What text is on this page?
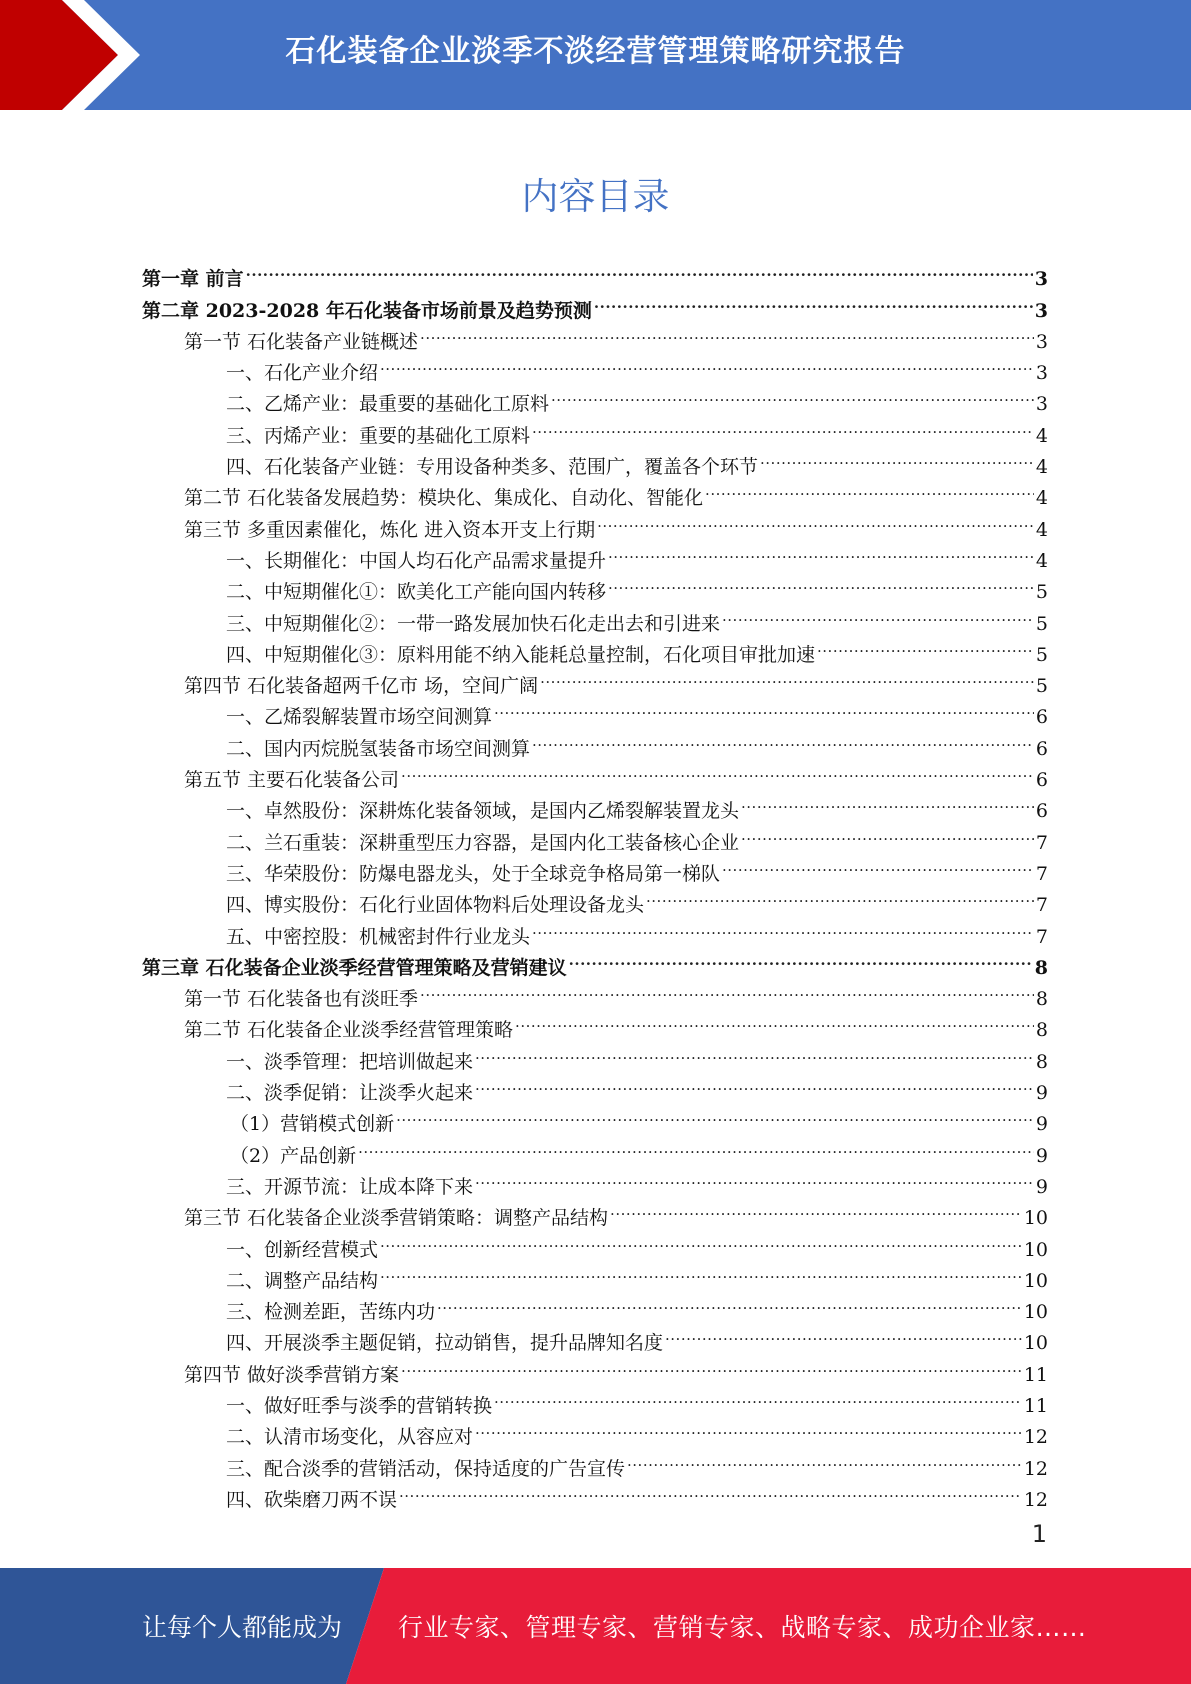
石化装备企业淡季不淡经营管理策略研究报告
内容目录
第一章 前言 .....	3
第二章 2023-2028 年石化装备市场前景及趋势预测 .....	3
第一节 石化装备产业链概述 .....	3
一、石化产业介绍 .....	3
二、乙烯产业：最重要的基础化工原料 .....	3
三、丙烯产业：重要的基础化工原料 .....	4
四、石化装备产业链：专用设备种类多、范围广，覆盖各个环节 .....	4
第二节 石化装备发展趋势：模块化、集成化、自动化、智能化 .....	4
第三节 多重因素催化，炼化 进入资本开支上行期 .....	4
一、长期催化：中国人均石化产品需求量提升 .....	4
二、中短期催化①：欧美化工产能向国内转移 .....	5
三、中短期催化②：一带一路发展加快石化走出去和引进来 .....	5
四、中短期催化③：原料用能不纳入能耗总量控制，石化项目审批加速 .....	5
第四节 石化装备超两千亿市 场，空间广阔 .....	5
一、乙烯裂解装置市场空间测算 .....	6
二、国内丙烷脱氢装备市场空间测算 .....	6
第五节 主要石化装备公司 .....	6
一、卓然股份：深耕炼化装备领域，是国内乙烯裂解装置龙头 .....	6
二、兰石重装：深耕重型压力容器，是国内化工装备核心企业 .....	7
三、华荣股份：防爆电器龙头，处于全球竞争格局第一梯队 .....	7
四、博实股份：石化行业固体物料后处理设备龙头 .....	7
五、中密控股：机械密封件行业龙头 .....	7
第三章 石化装备企业淡季经营管理策略及营销建议 .....	8
第一节 石化装备也有淡旺季 .....	8
第二节 石化装备企业淡季经营管理策略 .....	8
一、淡季管理：把培训做起来 .....	8
二、淡季促销：让淡季火起来 .....	9
（1）营销模式创新 .....	9
（2）产品创新 .....	9
三、开源节流：让成本降下来 .....	9
第三节 石化装备企业淡季营销策略：调整产品结构 .....	10
一、创新经营模式 .....	10
二、调整产品结构 .....	10
三、检测差距，苦练内功 .....	10
四、开展淡季主题促销，拉动销售，提升品牌知名度 .....	10
第四节 做好淡季营销方案 .....	11
一、做好旺季与淡季的营销转换 .....	11
二、认清市场变化，从容应对 .....	12
三、配合淡季的营销活动，保持适度的广告宣传 .....	12
四、砍柴磨刀两不误 .....	12
1
让每个人都能成为 行业专家、管理专家、营销专家、战略专家、成功企业家……
